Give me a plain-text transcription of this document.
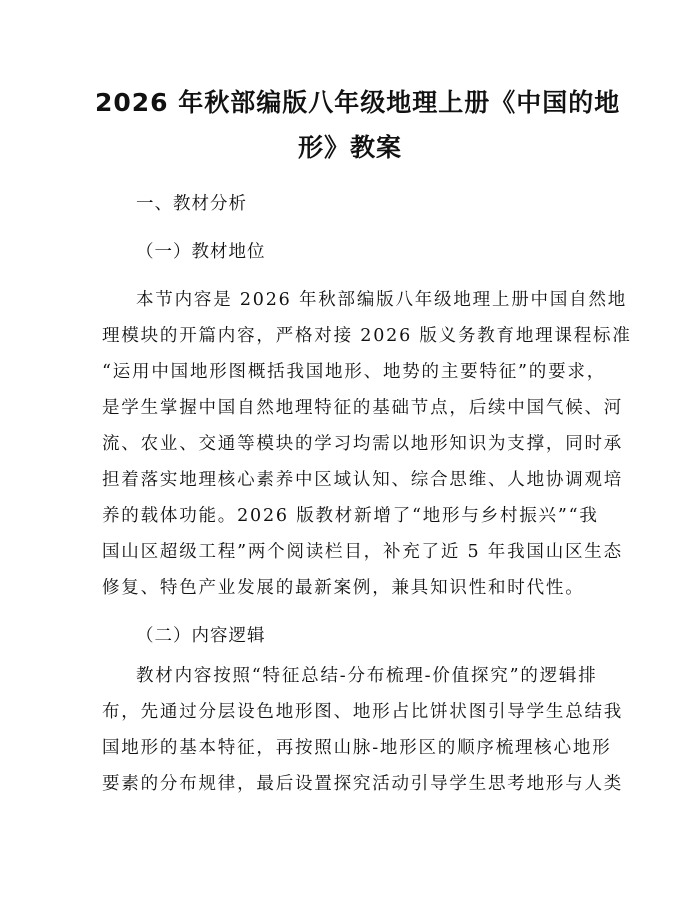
2026 年秋部编版八年级地理上册《中国的地
形》教案
一、教材分析
（一）教材地位
本节内容是 2026 年秋部编版八年级地理上册中国自然地
理模块的开篇内容，严格对接 2026 版义务教育地理课程标准
“运用中国地形图概括我国地形、地势的主要特征”的要求，
是学生掌握中国自然地理特征的基础节点，后续中国气候、河
流、农业、交通等模块的学习均需以地形知识为支撑，同时承
担着落实地理核心素养中区域认知、综合思维、人地协调观培
养的载体功能。2026 版教材新增了“地形与乡村振兴”“我
国山区超级工程”两个阅读栏目，补充了近 5 年我国山区生态
修复、特色产业发展的最新案例，兼具知识性和时代性。
（二）内容逻辑
教材内容按照“特征总结-分布梳理-价值探究”的逻辑排
布，先通过分层设色地形图、地形占比饼状图引导学生总结我
国地形的基本特征，再按照山脉-地形区的顺序梳理核心地形
要素的分布规律，最后设置探究活动引导学生思考地形与人类
